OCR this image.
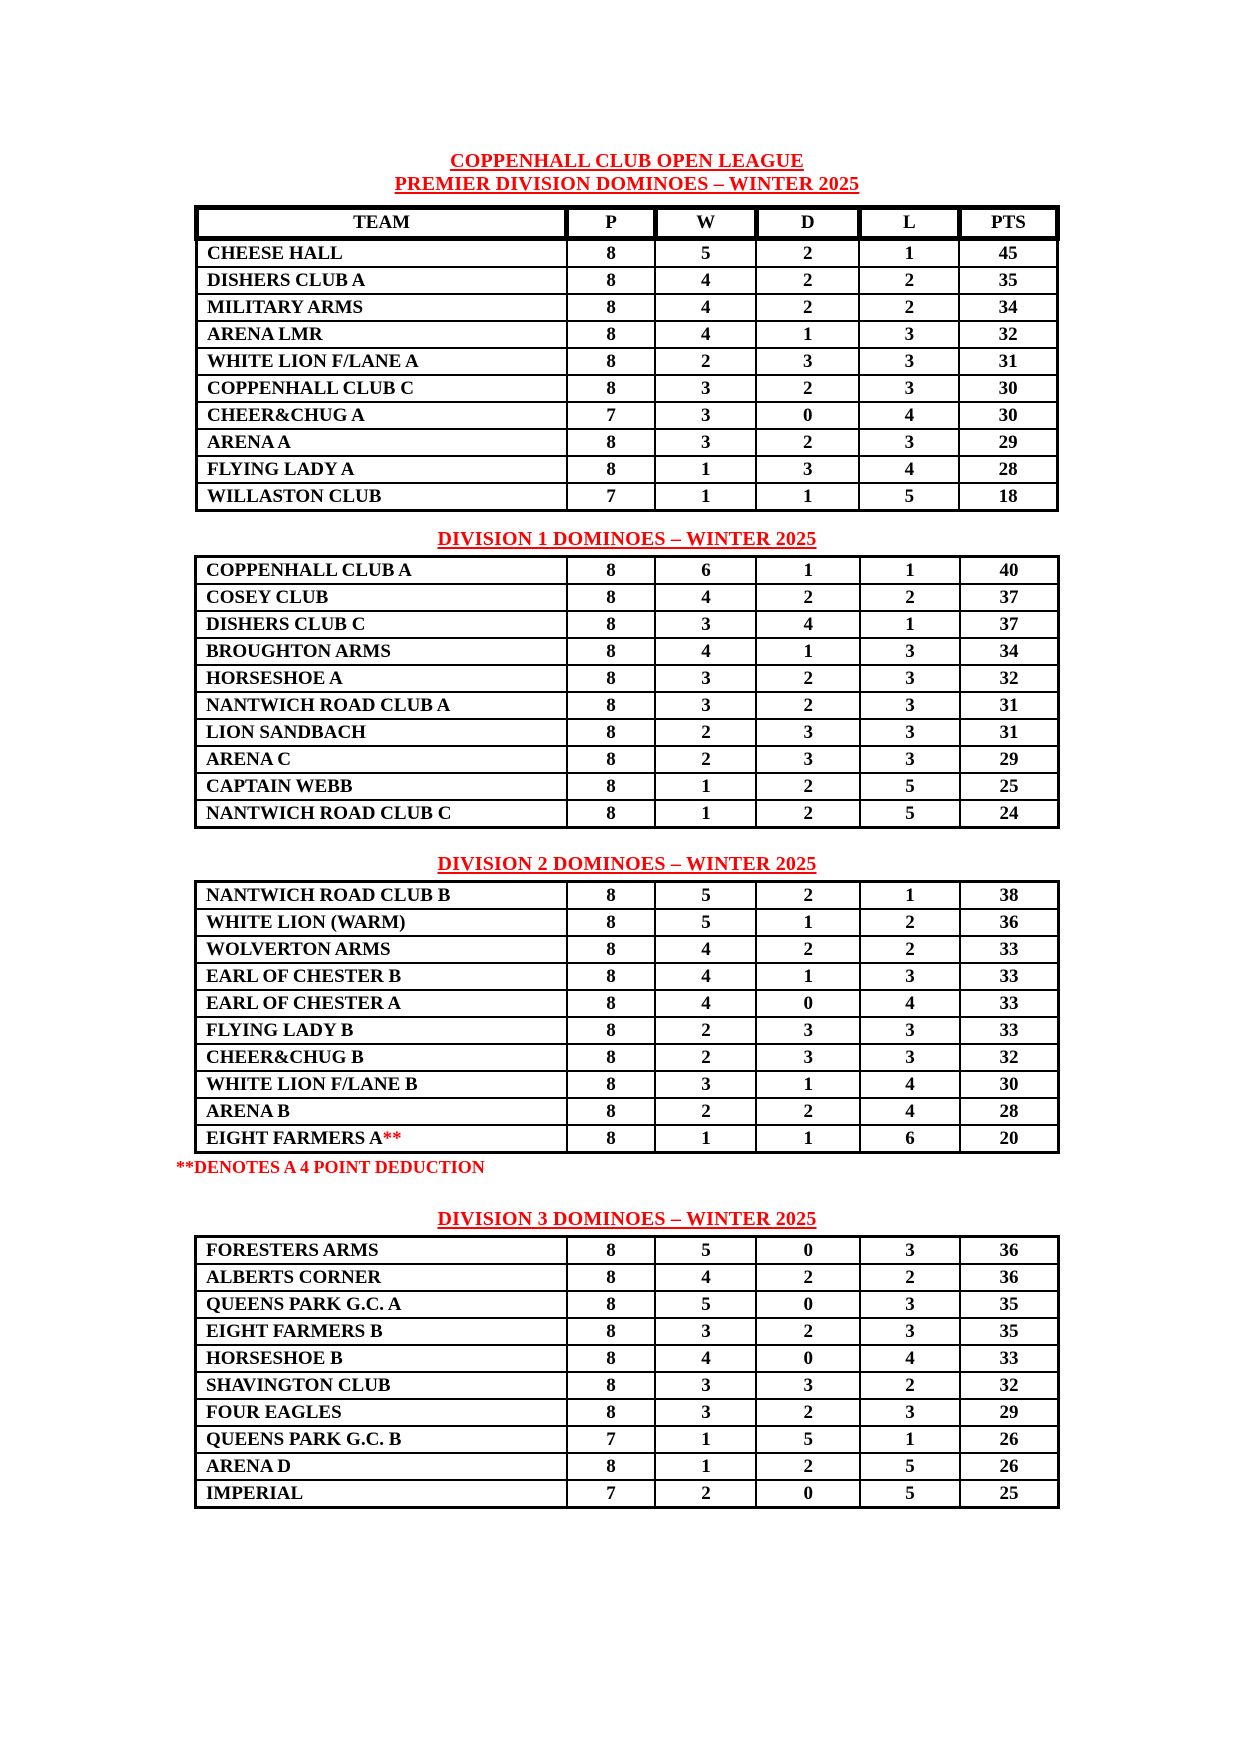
COPPENHALL CLUB OPEN LEAGUE
PREMIER DIVISION DOMINOES – WINTER 2025
TEAM	P	W	D	L	PTS
CHEESE HALL	8	5	2	1	45
DISHERS CLUB A	8	4	2	2	35
MILITARY ARMS	8	4	2	2	34
ARENA LMR	8	4	1	3	32
WHITE LION F/LANE A	8	2	3	3	31
COPPENHALL CLUB C	8	3	2	3	30
CHEER&CHUG A	7	3	0	4	30
ARENA A	8	3	2	3	29
FLYING LADY A	8	1	3	4	28
WILLASTON CLUB	7	1	1	5	18
DIVISION 1 DOMINOES – WINTER 2025
COPPENHALL CLUB A	8	6	1	1	40
COSEY CLUB	8	4	2	2	37
DISHERS CLUB C	8	3	4	1	37
BROUGHTON ARMS	8	4	1	3	34
HORSESHOE A	8	3	2	3	32
NANTWICH ROAD CLUB A	8	3	2	3	31
LION SANDBACH	8	2	3	3	31
ARENA C	8	2	3	3	29
CAPTAIN WEBB	8	1	2	5	25
NANTWICH ROAD CLUB C	8	1	2	5	24
DIVISION 2 DOMINOES – WINTER 2025
NANTWICH ROAD CLUB B	8	5	2	1	38
WHITE LION (WARM)	8	5	1	2	36
WOLVERTON ARMS	8	4	2	2	33
EARL OF CHESTER B	8	4	1	3	33
EARL OF CHESTER A	8	4	0	4	33
FLYING LADY B	8	2	3	3	33
CHEER&CHUG B	8	2	3	3	32
WHITE LION F/LANE B	8	3	1	4	30
ARENA B	8	2	2	4	28
EIGHT FARMERS A**	8	1	1	6	20
**DENOTES A 4 POINT DEDUCTION
DIVISION 3 DOMINOES – WINTER 2025
FORESTERS ARMS	8	5	0	3	36
ALBERTS CORNER	8	4	2	2	36
QUEENS PARK G.C. A	8	5	0	3	35
EIGHT FARMERS B	8	3	2	3	35
HORSESHOE B	8	4	0	4	33
SHAVINGTON CLUB	8	3	3	2	32
FOUR EAGLES	8	3	2	3	29
QUEENS PARK G.C. B	7	1	5	1	26
ARENA D	8	1	2	5	26
IMPERIAL	7	2	0	5	25
